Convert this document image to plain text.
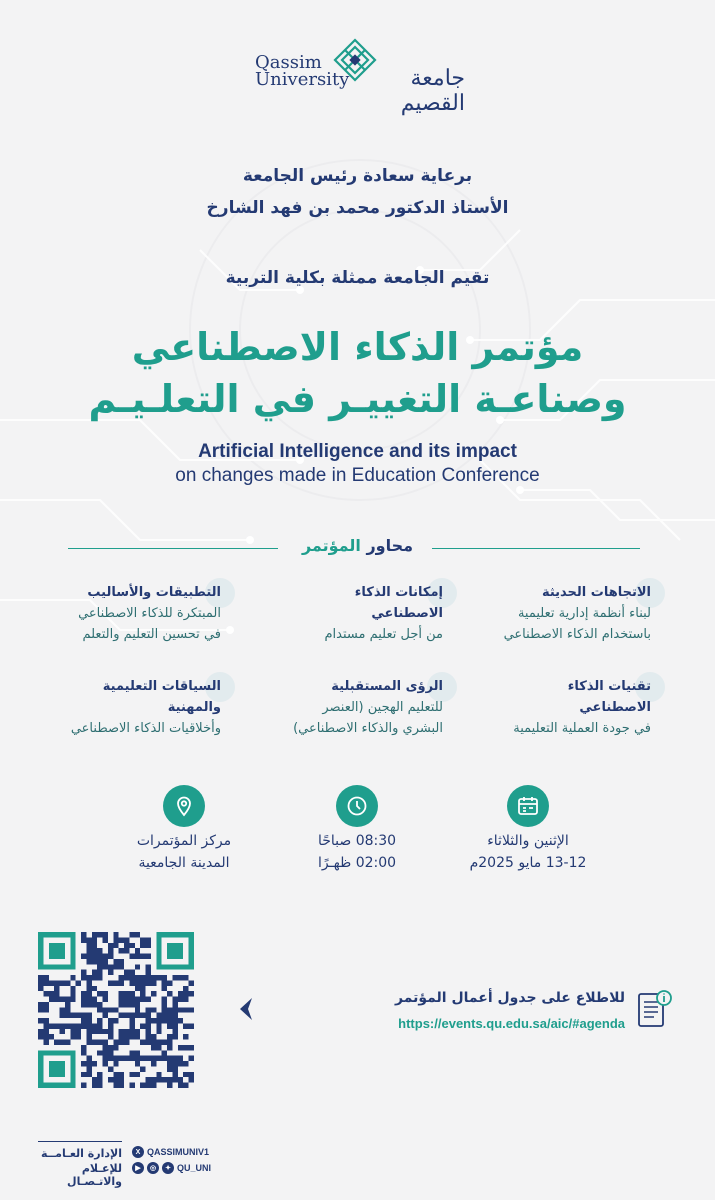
Qassim
University	جامعة القصيم
برعاية سعادة رئيس الجامعة
الأستاذ الدكتور محمد بن فهد الشارخ
تقيم الجامعة ممثلة بكلية التربية
مؤتمر الذكاء الاصطناعي
وصناعـة التغييـر في التعلـيـم
Artificial Intelligence and its impact
on changes made in Education Conference
محاور المؤتمر
الاتجاهات الحديثة
لبناء أنظمة إدارية تعليمية
باستخدام الذكاء الاصطناعي
إمكانات الذكاء
الاصطناعي
من أجل تعليم مستدام
التطبيقات والأساليب
المبتكرة للذكاء الاصطناعي
في تحسين التعليم والتعلم
تقنيات الذكاء
الاصطناعي
في جودة العملية التعليمية
الرؤى المستقبلية
للتعليم الهجين (العنصر
البشري والذكاء الاصطناعي)
السياقات التعليمية
والمهنية
وأخلاقيات الذكاء الاصطناعي
الإثنين والثلاثاء
13-12 مايو 2025م
08:30 صباحًا
02:00 ظهـرًا
مركز المؤتمرات
المدينة الجامعية
للاطلاع على جدول أعمال المؤتمر
https://events.qu.edu.sa/aic/#agenda
الإدارة العـامــة
للإعـلام والاتـصـال
X QASSIMUNIV1
▶	◎	✦ QU_UNI
